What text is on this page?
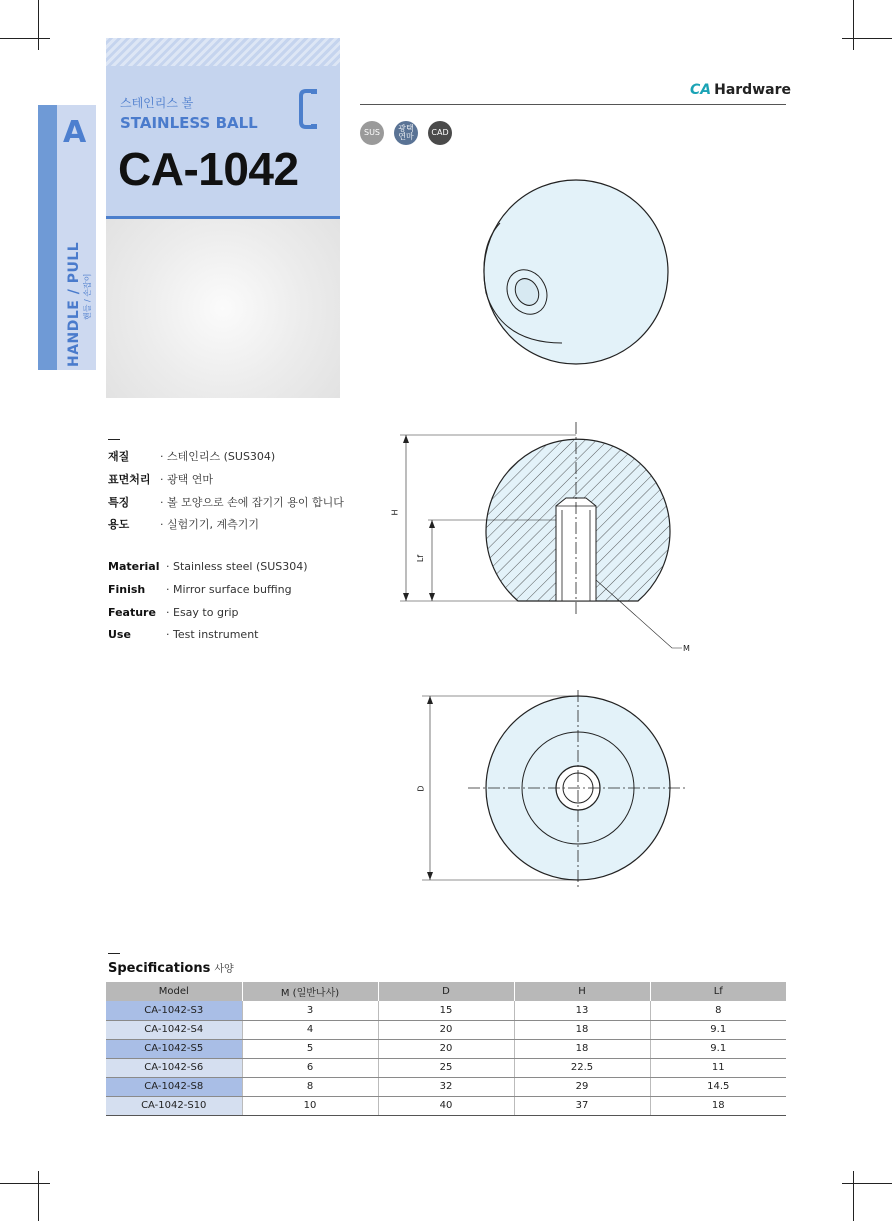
A
HANDLE / PULL 핸들 / 손잡이
스테인리스 볼
STAINLESS BALL
CA-1042
CA Hardware
SUS	광택
연마	CAD
재질	· 스테인리스 (SUS304)
표면처리 · 광택 연마
특징	· 볼 모양으로 손에 잡기기 용이 합니다
용도	· 실험기기, 계측기기
Material · Stainless steel (SUS304)
Finish · Mirror surface buffing
Feature · Esay to grip
Use	· Test instrument
H
Lf
M
D
Specifications 사양
Model	M (일반나사)	D	H	Lf
CA-1042-S3	3	15	13	8
CA-1042-S4	4	20	18	9.1
CA-1042-S5	5	20	18	9.1
CA-1042-S6	6	25	22.5	11
CA-1042-S8	8	32	29	14.5
CA-1042-S10	10	40	37	18
